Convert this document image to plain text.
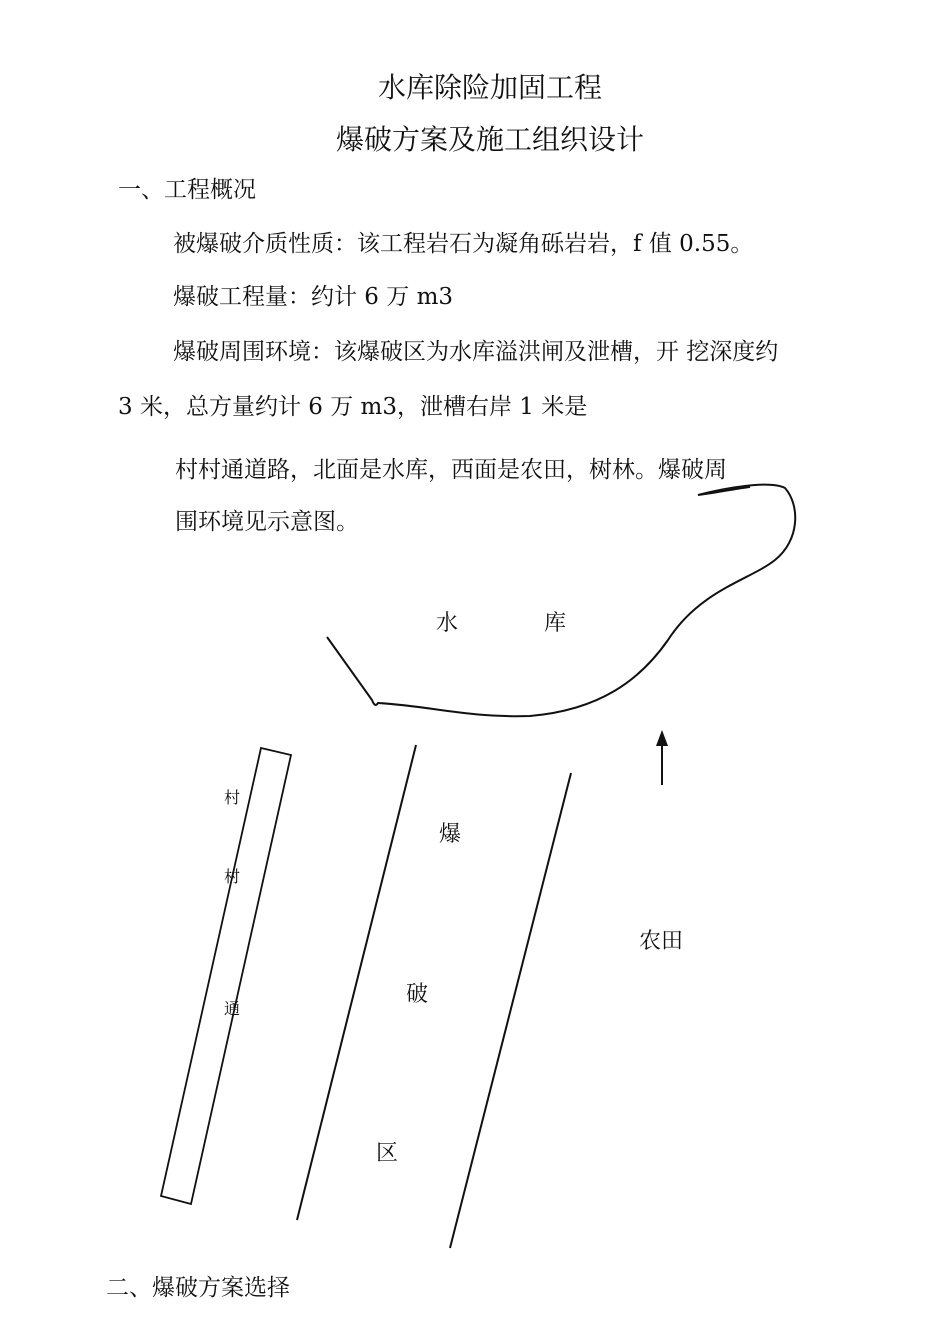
水库除险加固工程
爆破方案及施工组织设计
一、工程概况
被爆破介质性质：该工程岩石为凝角砾岩岩，f 值 0.55。
爆破工程量：约计 6 万 m3
爆破周围环境：该爆破区为水库溢洪闸及泄槽，开 挖深度约
3 米，总方量约计 6 万 m3，泄槽右岸 1 米是
村村通道路，北面是水库，西面是农田，树林。爆破周
围环境见示意图。
水	库
村
村
通
爆
破
区
农田
二、爆破方案选择
